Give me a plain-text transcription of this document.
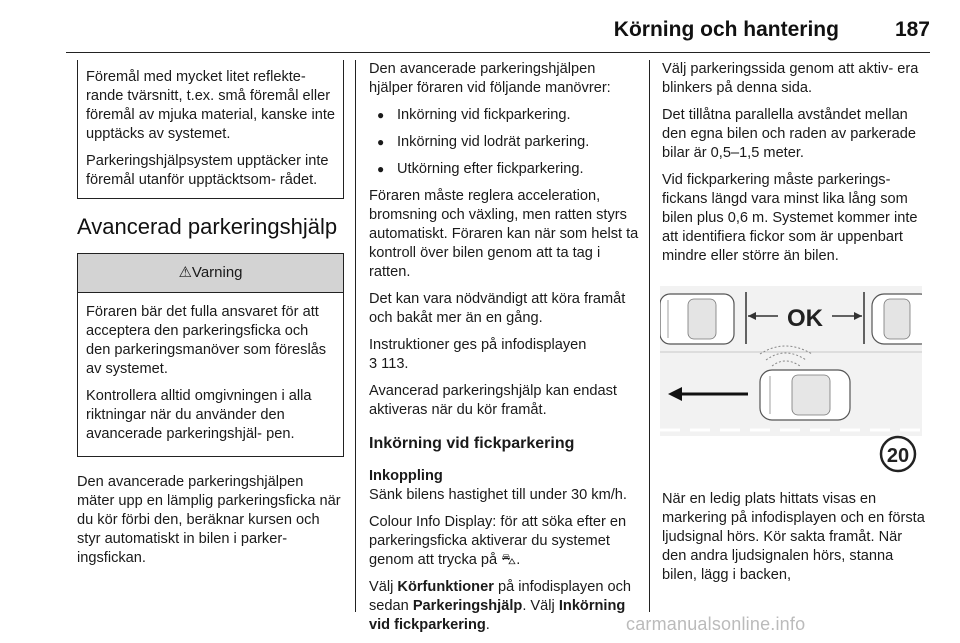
Körning och hantering	187

Föremål med mycket litet reflekte- rande tvärsnitt, t.ex. små föremål eller föremål av mjuka material, kanske inte upptäcks av systemet.

Parkeringshjälpsystem upptäcker inte föremål utanför upptäcktsom- rådet.

Avancerad parkeringshjälp
⚠Varning

Föraren bär det fulla ansvaret för att acceptera den parkeringsficka och den parkeringsmanöver som föreslås av systemet.

Kontrollera alltid omgivningen i alla riktningar när du använder den avancerade parkeringshjäl- pen.

Den avancerade parkeringshjälpen mäter upp en lämplig parkeringsficka när du kör förbi den, beräknar kursen och styr automatiskt in bilen i parker- ingsfickan.

Den avancerade parkeringshjälpen hjälper föraren vid följande manövrer:

● Inkörning vid fickparkering.
● Inkörning vid lodrät parkering.
● Utkörning efter fickparkering.

Föraren måste reglera acceleration, bromsning och växling, men ratten styrs automatiskt. Föraren kan när som helst ta kontroll över bilen genom att ta tag i ratten.

Det kan vara nödvändigt att köra framåt och bakåt mer än en gång.

Instruktioner ges på infodisplayen
3 113.

Avancerad parkeringshjälp kan endast aktiveras när du kör framåt.

Inkörning vid fickparkering
Inkoppling

Sänk bilens hastighet till under 30 km/h.

Colour Info Display: för att söka efter en parkeringsficka aktiverar du systemet genom att trycka på ⛍.

Välj Körfunktioner på infodisplayen och sedan Parkeringshjälp. Välj Inkörning vid fickparkering.

Välj parkeringssida genom att aktiv- era blinkers på denna sida.

Det tillåtna parallella avståndet mellan den egna bilen och raden av parkerade bilar är 0,5–1,5 meter.

Vid fickparkering måste parkerings- fickans längd vara minst lika lång som bilen plus 0,6 m. Systemet kommer inte att identifiera fickor som är uppenbart mindre eller större än bilen.

OK
20

När en ledig plats hittats visas en markering på infodisplayen och en första ljudsignal hörs. Kör sakta framåt. När den andra ljudsignalen hörs, stanna bilen, lägg i backen,

carmanualsonline.info
